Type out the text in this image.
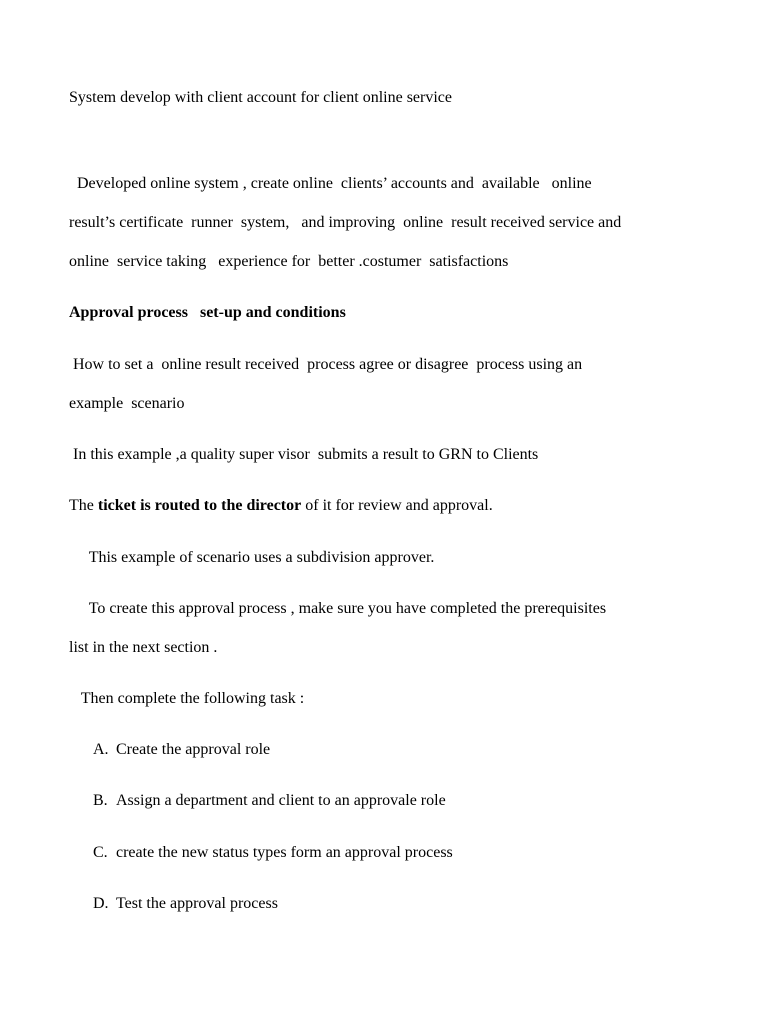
System develop with client account for client online service

Developed online system , create online  clients’ accounts and  available   online

result’s certificate  runner  system,   and improving  online  result received service and

online  service taking   experience for  better .costumer  satisfactions

Approval process   set-up and conditions

How to set a  online result received  process agree or disagree  process using an

example  scenario

In this example ,a quality super visor  submits a result to GRN to Clients

The ticket is routed to the director of it for review and approval.

This example of scenario uses a subdivision approver.

To create this approval process , make sure you have completed the prerequisites

list in the next section .

Then complete the following task :

A. Create the approval role

B. Assign a department and client to an approvale role

C. create the new status types form an approval process

D. Test the approval process
